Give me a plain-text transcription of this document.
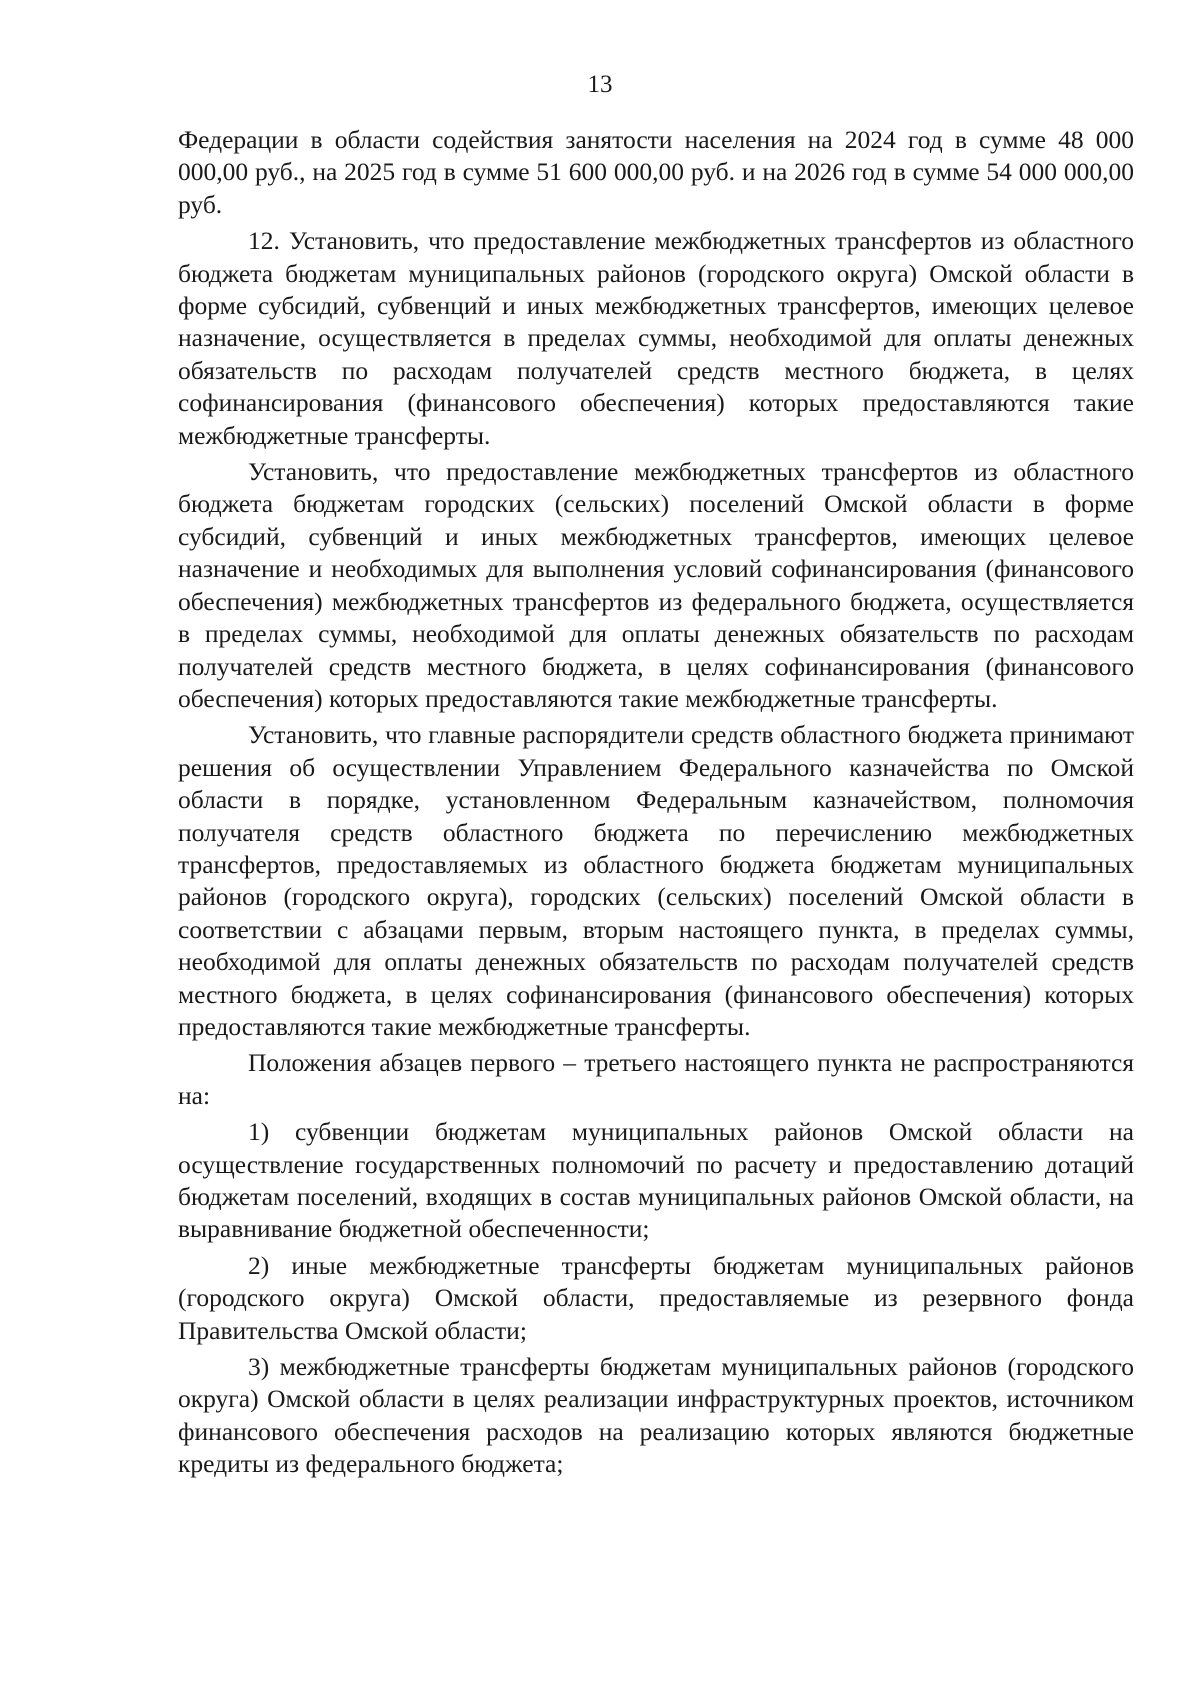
13

Федерации в области содействия занятости населения на 2024 год в сумме 48 000 000,00 руб., на 2025 год в сумме 51 600 000,00 руб. и на 2026 год в сумме 54 000 000,00 руб.

12. Установить, что предоставление межбюджетных трансфертов из областного бюджета бюджетам муниципальных районов (городского округа) Омской области в форме субсидий, субвенций и иных межбюджетных трансфертов, имеющих целевое назначение, осуществляется в пределах суммы, необходимой для оплаты денежных обязательств по расходам получателей средств местного бюджета, в целях софинансирования (финансового обеспечения) которых предоставляются такие межбюджетные трансферты.

Установить, что предоставление межбюджетных трансфертов из областного бюджета бюджетам городских (сельских) поселений Омской области в форме субсидий, субвенций и иных межбюджетных трансфертов, имеющих целевое назначение и необходимых для выполнения условий софинансирования (финансового обеспечения) межбюджетных трансфертов из федерального бюджета, осуществляется в пределах суммы, необходимой для оплаты денежных обязательств по расходам получателей средств местного бюджета, в целях софинансирования (финансового обеспечения) которых предоставляются такие межбюджетные трансферты.

Установить, что главные распорядители средств областного бюджета принимают решения об осуществлении Управлением Федерального казначейства по Омской области в порядке, установленном Федеральным казначейством, полномочия получателя средств областного бюджета по перечислению межбюджетных трансфертов, предоставляемых из областного бюджета бюджетам муниципальных районов (городского округа), городских (сельских) поселений Омской области в соответствии с абзацами первым, вторым настоящего пункта, в пределах суммы, необходимой для оплаты денежных обязательств по расходам получателей средств местного бюджета, в целях софинансирования (финансового обеспечения) которых предоставляются такие межбюджетные трансферты.

Положения абзацев первого – третьего настоящего пункта не распространяются на:

1) субвенции бюджетам муниципальных районов Омской области на осуществление государственных полномочий по расчету и предоставлению дотаций бюджетам поселений, входящих в состав муниципальных районов Омской области, на выравнивание бюджетной обеспеченности;

2) иные межбюджетные трансферты бюджетам муниципальных районов (городского округа) Омской области, предоставляемые из резервного фонда Правительства Омской области;

3) межбюджетные трансферты бюджетам муниципальных районов (городского округа) Омской области в целях реализации инфраструктурных проектов, источником финансового обеспечения расходов на реализацию которых являются бюджетные кредиты из федерального бюджета;
